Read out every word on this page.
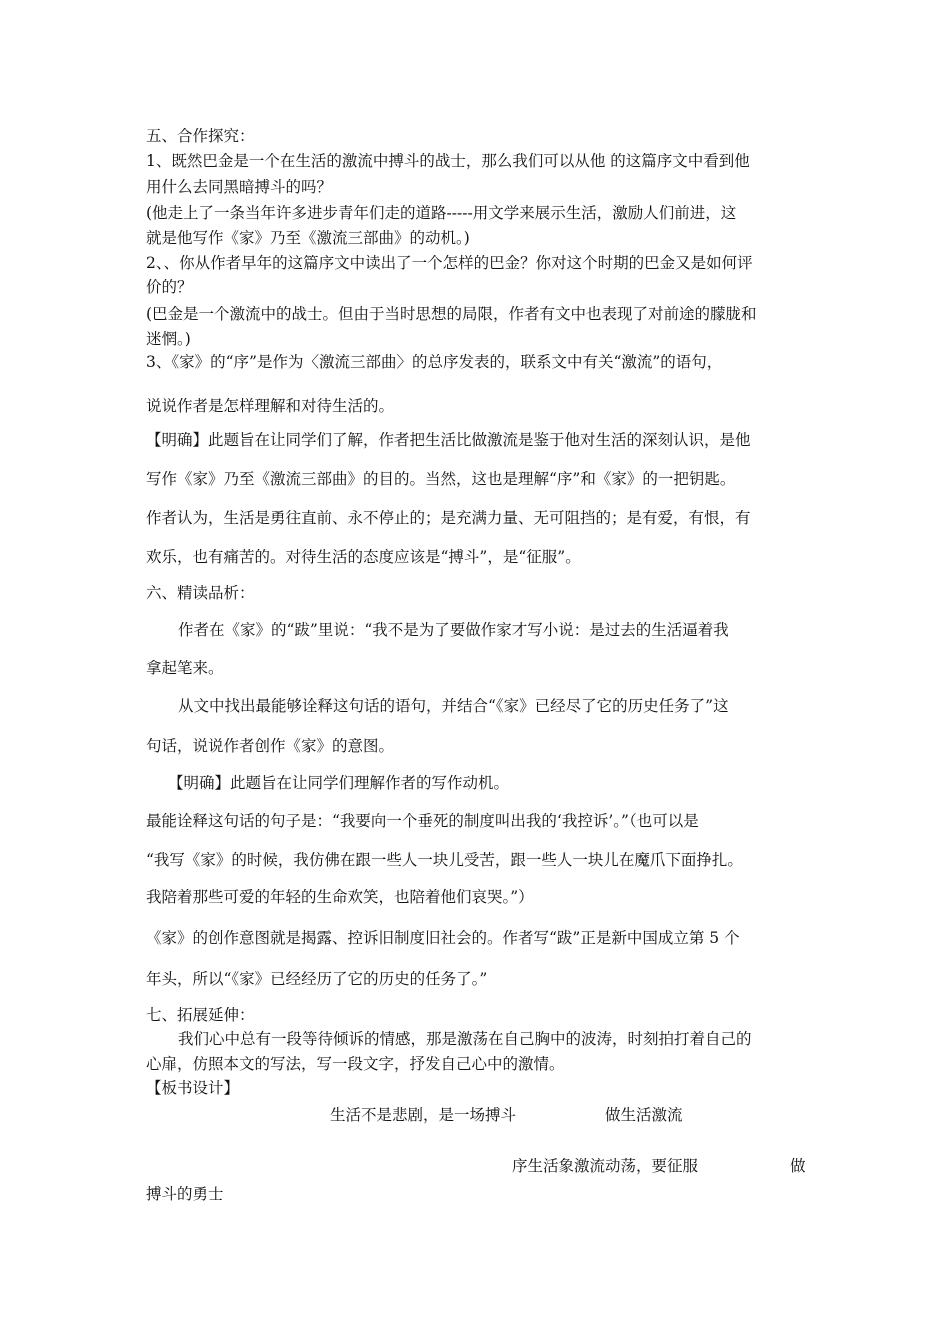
五、合作探究：
1、既然巴金是一个在生活的激流中搏斗的战士，那么我们可以从他 的这篇序文中看到他
用什么去同黑暗搏斗的吗？
(他走上了一条当年许多进步青年们走的道路-----用文学来展示生活，激励人们前进，这
就是他写作《家》乃至《激流三部曲》的动机。)
2、、你从作者早年的这篇序文中读出了一个怎样的巴金？你对这个时期的巴金又是如何评
价的？
(巴金是一个激流中的战士。但由于当时思想的局限，作者有文中也表现了对前途的朦胧和
迷惘。)
3、《家》的“序”是作为〈激流三部曲〉的总序发表的，联系文中有关“激流”的语句，
说说作者是怎样理解和对待生活的。
【明确】此题旨在让同学们了解，作者把生活比做激流是鉴于他对生活的深刻认识，是他
写作《家》乃至《激流三部曲》的目的。当然，这也是理解“序”和《家》的一把钥匙。
作者认为，生活是勇往直前、永不停止的；是充满力量、无可阻挡的；是有爱，有恨，有
欢乐，也有痛苦的。对待生活的态度应该是“搏斗”，是“征服”。
六、精读品析：
作者在《家》的“跋”里说：“我不是为了要做作家才写小说：是过去的生活逼着我
拿起笔来。
从文中找出最能够诠释这句话的语句，并结合“《家》已经尽了它的历史任务了”这
句话，说说作者创作《家》的意图。
【明确】此题旨在让同学们理解作者的写作动机。
最能诠释这句话的句子是：“我要向一个垂死的制度叫出我的‘我控诉’。”（也可以是
“我写《家》的时候，我仿佛在跟一些人一块儿受苦，跟一些人一块儿在魔爪下面挣扎。
我陪着那些可爱的年轻的生命欢笑，也陪着他们哀哭。”）
《家》的创作意图就是揭露、控诉旧制度旧社会的。作者写“跋”正是新中国成立第 5 个
年头，所以“《家》已经经历了它的历史的任务了。”
七、拓展延伸：
我们心中总有一段等待倾诉的情感，那是激荡在自己胸中的波涛，时刻拍打着自己的
心扉，仿照本文的写法，写一段文字，抒发自己心中的激情。
【板书设计】
生活不是悲剧，是一场搏斗	做生活激流
序生活象激流动荡，要征服	做
搏斗的勇士
